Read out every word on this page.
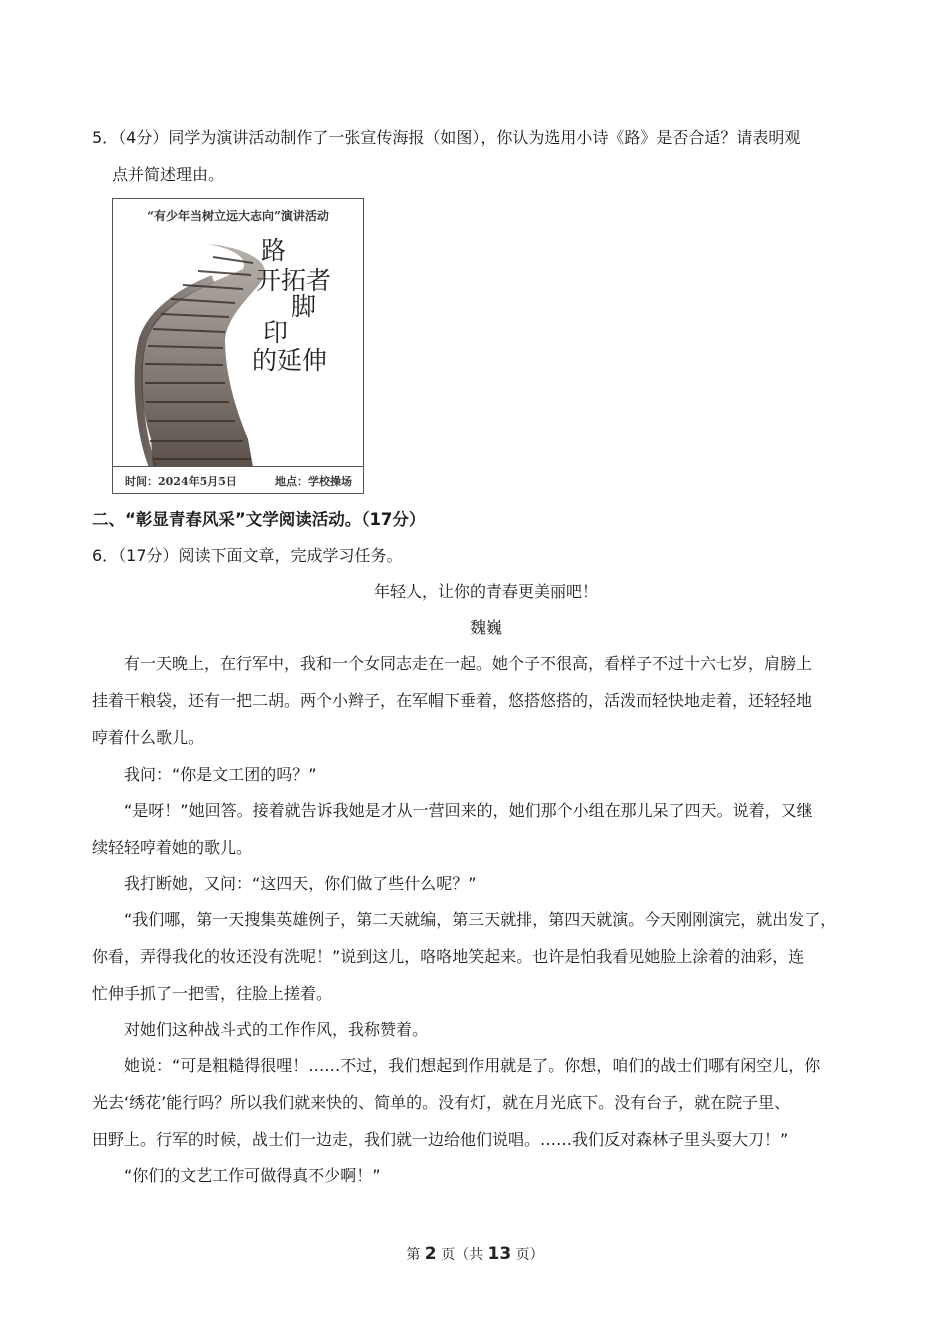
5．（4分）同学为演讲活动制作了一张宣传海报（如图），你认为选用小诗《路》是否合适？请表明观
点并简述理由。
“有少年当树立远大志向”演讲活动
路
开拓者
脚
印
的延伸
时间：2024年5月5日	地点：学校操场
二、“彰显青春风采”文学阅读活动。（17分）
6．（17分）阅读下面文章，完成学习任务。
年轻人，让你的青春更美丽吧！
魏巍
有一天晚上，在行军中，我和一个女同志走在一起。她个子不很高，看样子不过十六七岁，肩膀上
挂着干粮袋，还有一把二胡。两个小辫子，在军帽下垂着，悠搭悠搭的，活泼而轻快地走着，还轻轻地
哼着什么歌儿。
我问：“你是文工团的吗？”
“是呀！”她回答。接着就告诉我她是才从一营回来的，她们那个小组在那儿呆了四天。说着，又继
续轻轻哼着她的歌儿。
我打断她，又问：“这四天，你们做了些什么呢？”
“我们哪，第一天搜集英雄例子，第二天就编，第三天就排，第四天就演。今天刚刚演完，就出发了，
你看，弄得我化的妆还没有洗呢！”说到这儿，咯咯地笑起来。也许是怕我看见她脸上涂着的油彩，连
忙伸手抓了一把雪，往脸上搓着。
对她们这种战斗式的工作作风，我称赞着。
她说：“可是粗糙得很哩！……不过，我们想起到作用就是了。你想，咱们的战士们哪有闲空儿，你
光去‘绣花’能行吗？所以我们就来快的、简单的。没有灯，就在月光底下。没有台子，就在院子里、
田野上。行军的时候，战士们一边走，我们就一边给他们说唱。……我们反对森林子里头耍大刀！”
“你们的文艺工作可做得真不少啊！”
第 2 页（共 13 页）
